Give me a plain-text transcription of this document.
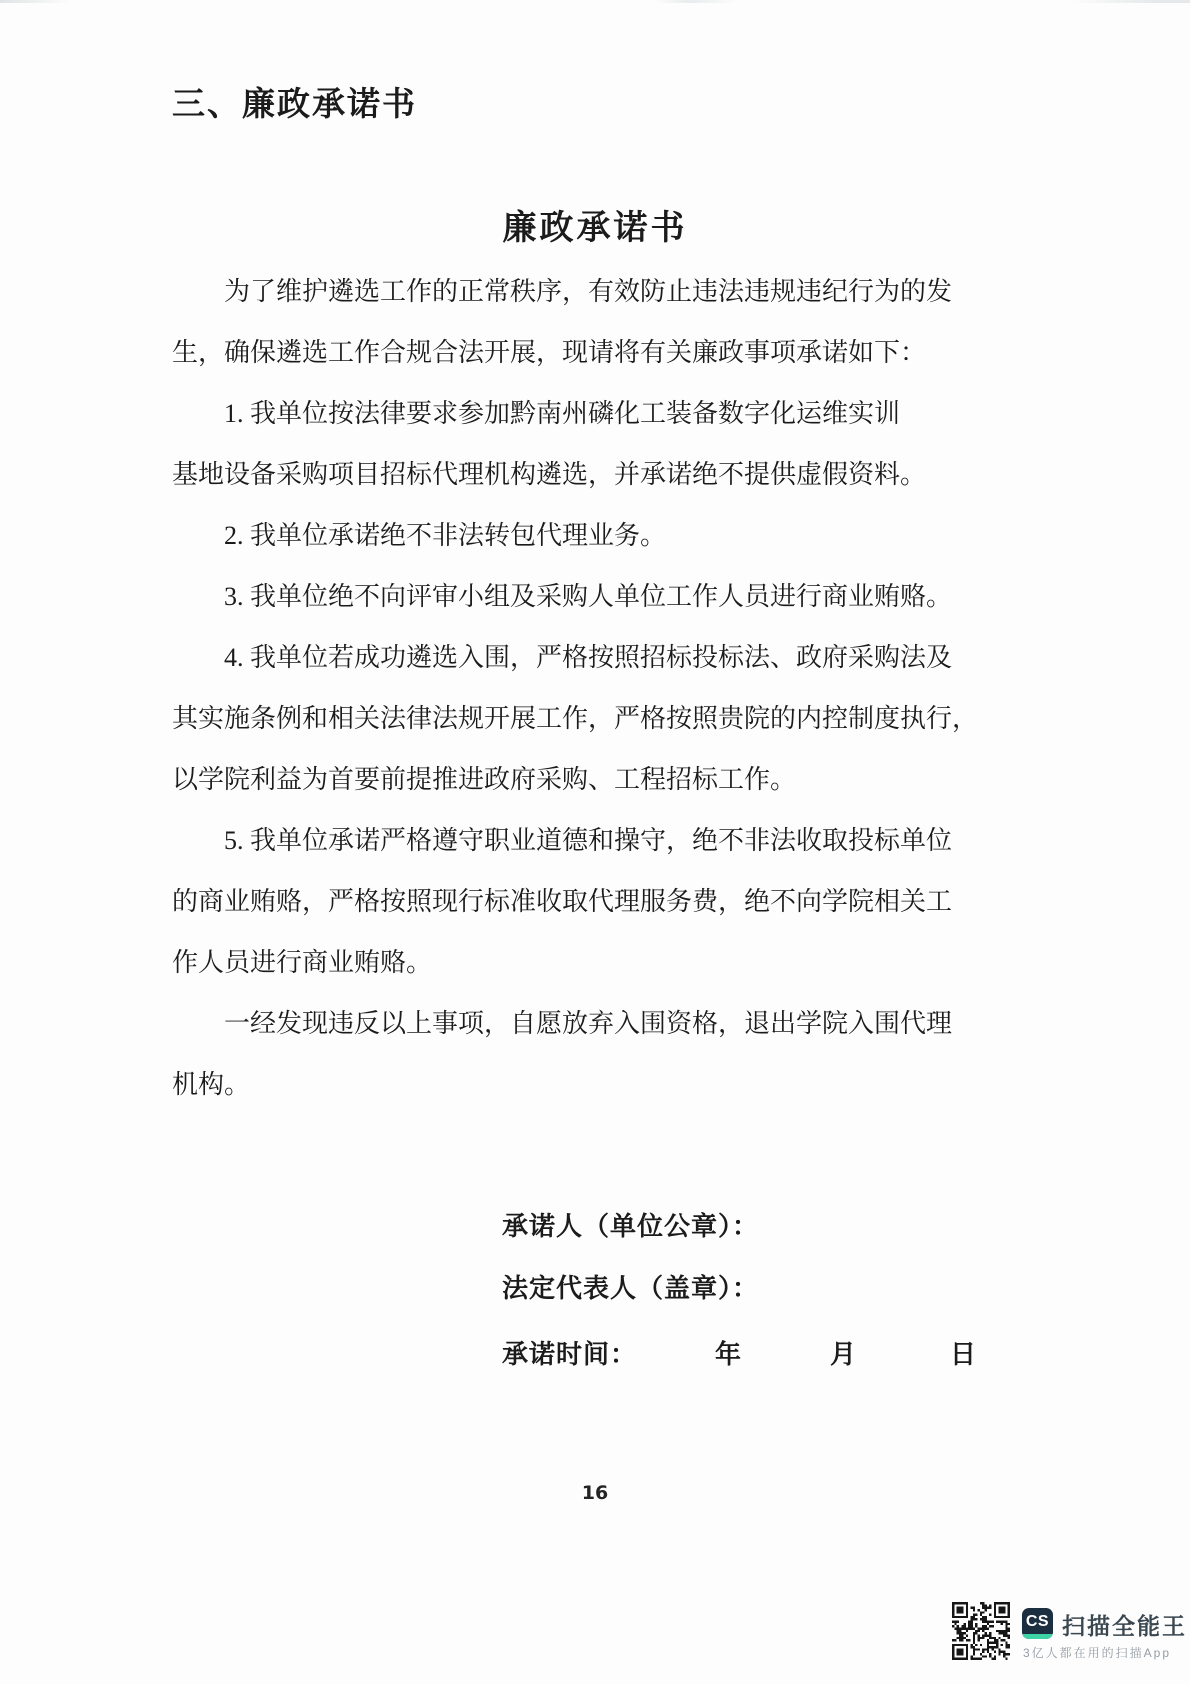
三、廉政承诺书
廉政承诺书
为了维护遴选工作的正常秩序，有效防止违法违规违纪行为的发
生，确保遴选工作合规合法开展，现请将有关廉政事项承诺如下：
1. 我单位按法律要求参加黔南州磷化工装备数字化运维实训
基地设备采购项目招标代理机构遴选，并承诺绝不提供虚假资料。
2. 我单位承诺绝不非法转包代理业务。
3. 我单位绝不向评审小组及采购人单位工作人员进行商业贿赂。
4. 我单位若成功遴选入围，严格按照招标投标法、政府采购法及
其实施条例和相关法律法规开展工作，严格按照贵院的内控制度执行，
以学院利益为首要前提推进政府采购、工程招标工作。
5. 我单位承诺严格遵守职业道德和操守，绝不非法收取投标单位
的商业贿赂，严格按照现行标准收取代理服务费，绝不向学院相关工
作人员进行商业贿赂。
一经发现违反以上事项，自愿放弃入围资格，退出学院入围代理
机构。
承诺人（单位公章）：
法定代表人（盖章）：
承诺时间：	年	月	日
16
CS 扫描全能王
3亿人都在用的扫描App
